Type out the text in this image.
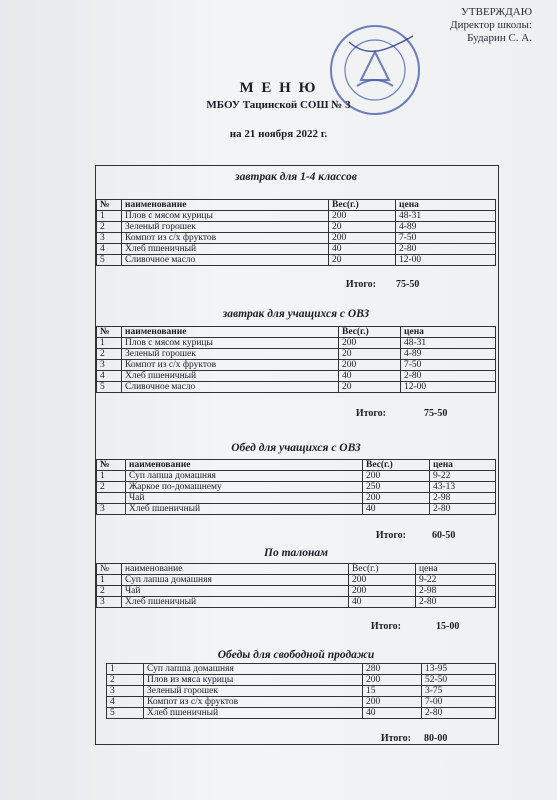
УТВЕРЖДАЮ
Директор школы:
Бударин С. А.
М Е Н Ю
МБОУ Тацинской СОШ № 3
на 21 ноября 2022 г.
завтрак для 1-4 классов
№	наименование	Вес(г.)	цена
1	Плов с мясом курицы	200	48-31
2	Зеленый горошек	20	4-89
3	Компот из с/х фруктов	200	7-50
4	Хлеб пшеничный	40	2-80
5	Сливочное масло	20	12-00
Итого: 75-50
завтрак для учащихся с ОВЗ
№	наименование	Вес(г.)	цена
1	Плов с мясом курицы	200	48-31
2	Зеленый горошек	20	4-89
3	Компот из с/х фруктов	200	7-50
4	Хлеб пшеничный	40	2-80
5	Сливочное масло	20	12-00
Итого:	75-50
Обед для учащихся с ОВЗ
№	наименование	Вес(г.)	цена
1	Суп лапша домашняя	200	9-22
2	Жаркое по-домашнему	250	43-13
	Чай	200	2-98
3	Хлеб пшеничный	40	2-80
Итого:	60-50
По талонам
№	наименование	Вес(г.)	цена
1	Суп лапша домашняя	200	9-22
2	Чай	200	2-98
3	Хлеб пшеничный	40	2-80
Итого:	15-00
Обеды для свободной продажи
1	Суп лапша домашняя	280	13-95
2	Плов из мяса курицы	200	52-50
3	Зеленый горошек	15	3-75
4	Компот из с/х фруктов	200	7-00
5	Хлеб пшеничный	40	2-80
Итого: 80-00
